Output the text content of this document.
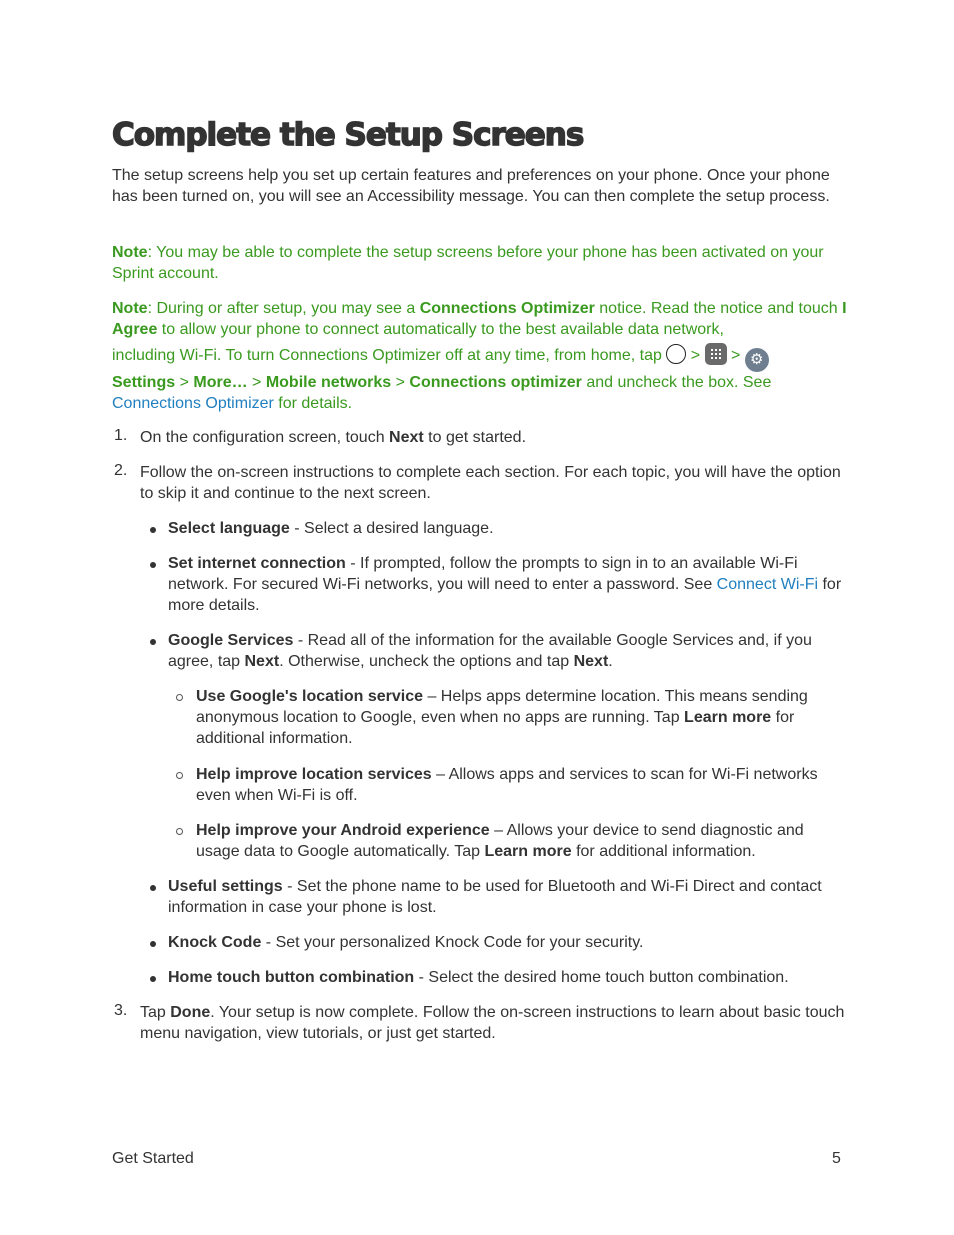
Complete the Setup Screens
The setup screens help you set up certain features and preferences on your phone. Once your phone has been turned on, you will see an Accessibility message. You can then complete the setup process.
Note: You may be able to complete the setup screens before your phone has been activated on your Sprint account.
Note: During or after setup, you may see a Connections Optimizer notice. Read the notice and touch I Agree to allow your phone to connect automatically to the best available data network,
including Wi-Fi. To turn Connections Optimizer off at any time, from home, tap  >  > ⚙
Settings > More… > Mobile networks > Connections optimizer and uncheck the box. See
Connections Optimizer for details.
1. On the configuration screen, touch Next to get started.
2. Follow the on-screen instructions to complete each section. For each topic, you will have the option to skip it and continue to the next screen.
Select language - Select a desired language.
Set internet connection - If prompted, follow the prompts to sign in to an available Wi-Fi network. For secured Wi-Fi networks, you will need to enter a password. See Connect Wi-Fi for more details.
Google Services - Read all of the information for the available Google Services and, if you agree, tap Next. Otherwise, uncheck the options and tap Next.
Use Google's location service – Helps apps determine location. This means sending anonymous location to Google, even when no apps are running. Tap Learn more for additional information.
Help improve location services – Allows apps and services to scan for Wi-Fi networks even when Wi-Fi is off.
Help improve your Android experience – Allows your device to send diagnostic and usage data to Google automatically. Tap Learn more for additional information.
Useful settings - Set the phone name to be used for Bluetooth and Wi-Fi Direct and contact information in case your phone is lost.
Knock Code - Set your personalized Knock Code for your security.
Home touch button combination - Select the desired home touch button combination.
3. Tap Done. Your setup is now complete. Follow the on-screen instructions to learn about basic touch menu navigation, view tutorials, or just get started.
Get Started	5
